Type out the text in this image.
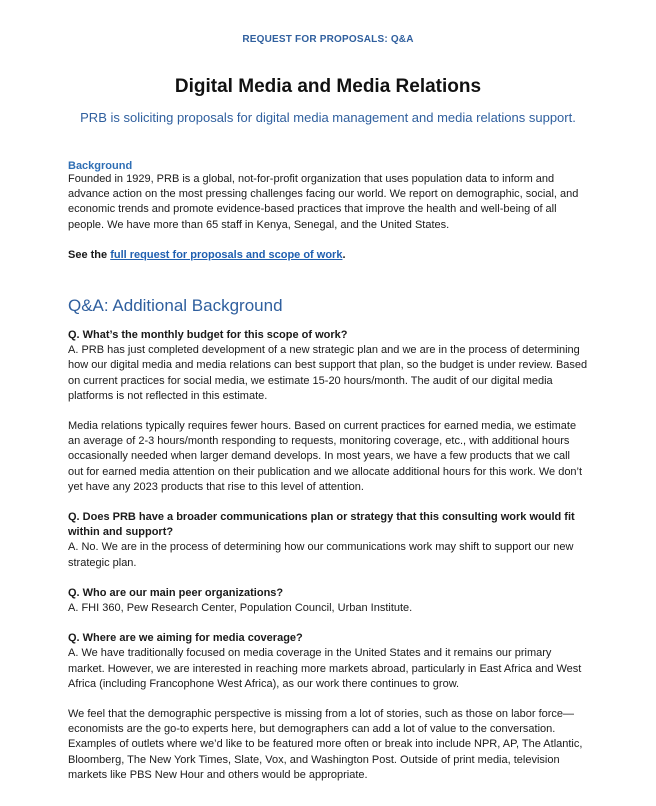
REQUEST FOR PROPOSALS: Q&A
Digital Media and Media Relations
PRB is soliciting proposals for digital media management and media relations support.
Background

Founded in 1929, PRB is a global, not-for-profit organization that uses population data to inform and advance action on the most pressing challenges facing our world. We report on demographic, social, and economic trends and promote evidence-based practices that improve the health and well-being of all people. We have more than 65 staff in Kenya, Senegal, and the United States.

See the full request for proposals and scope of work.

Q&A: Additional Background

Q. What’s the monthly budget for this scope of work?

A. PRB has just completed development of a new strategic plan and we are in the process of determining how our digital media and media relations can best support that plan, so the budget is under review. Based on current practices for social media, we estimate 15-20 hours/month. The audit of our digital media platforms is not reflected in this estimate.

Media relations typically requires fewer hours. Based on current practices for earned media, we estimate an average of 2-3 hours/month responding to requests, monitoring coverage, etc., with additional hours occasionally needed when larger demand develops. In most years, we have a few products that we call out for earned media attention on their publication and we allocate additional hours for this work. We don’t yet have any 2023 products that rise to this level of attention.

Q. Does PRB have a broader communications plan or strategy that this consulting work would fit within and support?

A. No. We are in the process of determining how our communications work may shift to support our new strategic plan.

Q. Who are our main peer organizations?

A. FHI 360, Pew Research Center, Population Council, Urban Institute.

Q. Where are we aiming for media coverage?

A. We have traditionally focused on media coverage in the United States and it remains our primary market. However, we are interested in reaching more markets abroad, particularly in East Africa and West Africa (including Francophone West Africa), as our work there continues to grow.

We feel that the demographic perspective is missing from a lot of stories, such as those on labor force—economists are the go-to experts here, but demographers can add a lot of value to the conversation. Examples of outlets where we’d like to be featured more often or break into include NPR, AP, The Atlantic, Bloomberg, The New York Times, Slate, Vox, and Washington Post. Outside of print media, television markets like PBS New Hour and others would be appropriate.
